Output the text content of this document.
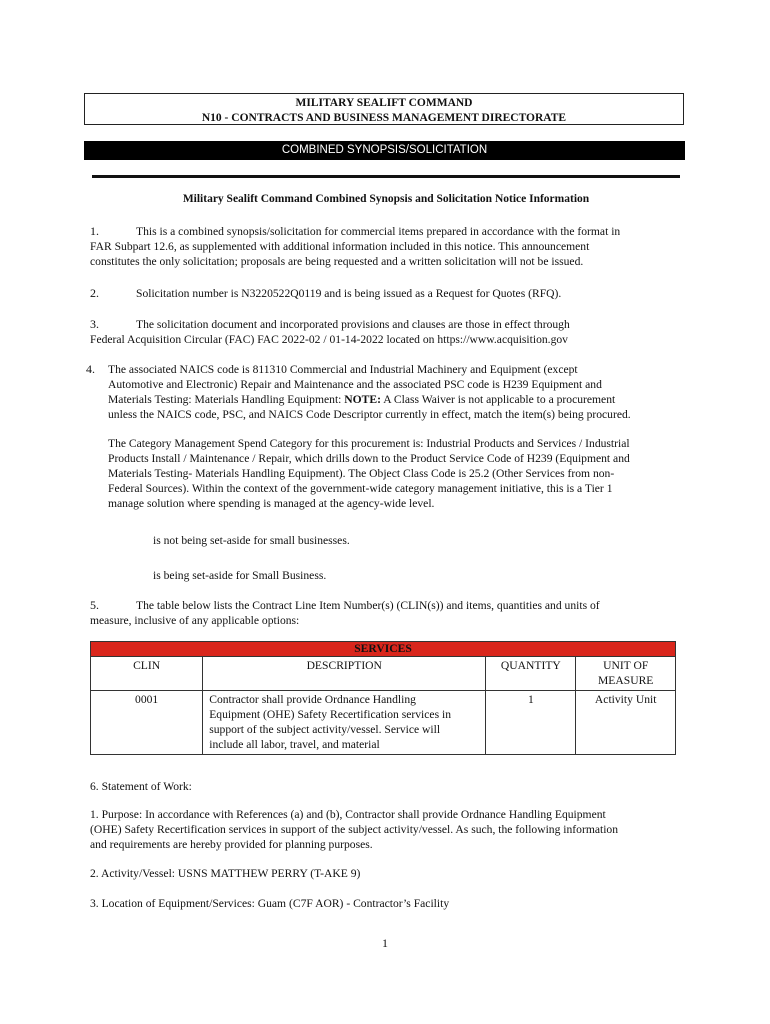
MILITARY SEALIFT COMMAND
N10 - CONTRACTS AND BUSINESS MANAGEMENT DIRECTORATE
COMBINED SYNOPSIS/SOLICITATION
Military Sealift Command Combined Synopsis and Solicitation Notice Information
1.	This is a combined synopsis/solicitation for commercial items prepared in accordance with the format in
FAR Subpart 12.6, as supplemented with additional information included in this notice. This announcement
constitutes the only solicitation; proposals are being requested and a written solicitation will not be issued.
2.	Solicitation number is N3220522Q0119 and is being issued as a Request for Quotes (RFQ).
3.	The solicitation document and incorporated provisions and clauses are those in effect through
Federal Acquisition Circular (FAC) FAC 2022-02 / 01-14-2022 located on https://www.acquisition.gov
4. The associated NAICS code is 811310 Commercial and Industrial Machinery and Equipment (except
Automotive and Electronic) Repair and Maintenance and the associated PSC code is H239 Equipment and
Materials Testing: Materials Handling Equipment: NOTE: A Class Waiver is not applicable to a procurement
unless the NAICS code, PSC, and NAICS Code Descriptor currently in effect, match the item(s) being procured.
The Category Management Spend Category for this procurement is: Industrial Products and Services / Industrial
Products Install / Maintenance / Repair, which drills down to the Product Service Code of H239 (Equipment and
Materials Testing- Materials Handling Equipment). The Object Class Code is 25.2 (Other Services from non-
Federal Sources). Within the context of the government-wide category management initiative, this is a Tier 1
manage solution where spending is managed at the agency-wide level.
is not being set-aside for small businesses.
is being set-aside for Small Business.
5.	The table below lists the Contract Line Item Number(s) (CLIN(s)) and items, quantities and units of
measure, inclusive of any applicable options:
SERVICES			
CLIN	DESCRIPTION	QUANTITY	UNIT OF
MEASURE

0001	Contractor shall provide Ordnance Handling
Equipment (OHE) Safety Recertification services in
support of the subject activity/vessel. Service will
include all labor, travel, and material	1	Activity Unit
6. Statement of Work:
1. Purpose: In accordance with References (a) and (b), Contractor shall provide Ordnance Handling Equipment
(OHE) Safety Recertification services in support of the subject activity/vessel. As such, the following information
and requirements are hereby provided for planning purposes.
2. Activity/Vessel: USNS MATTHEW PERRY (T-AKE 9)
3. Location of Equipment/Services: Guam (C7F AOR) - Contractor’s Facility
1
